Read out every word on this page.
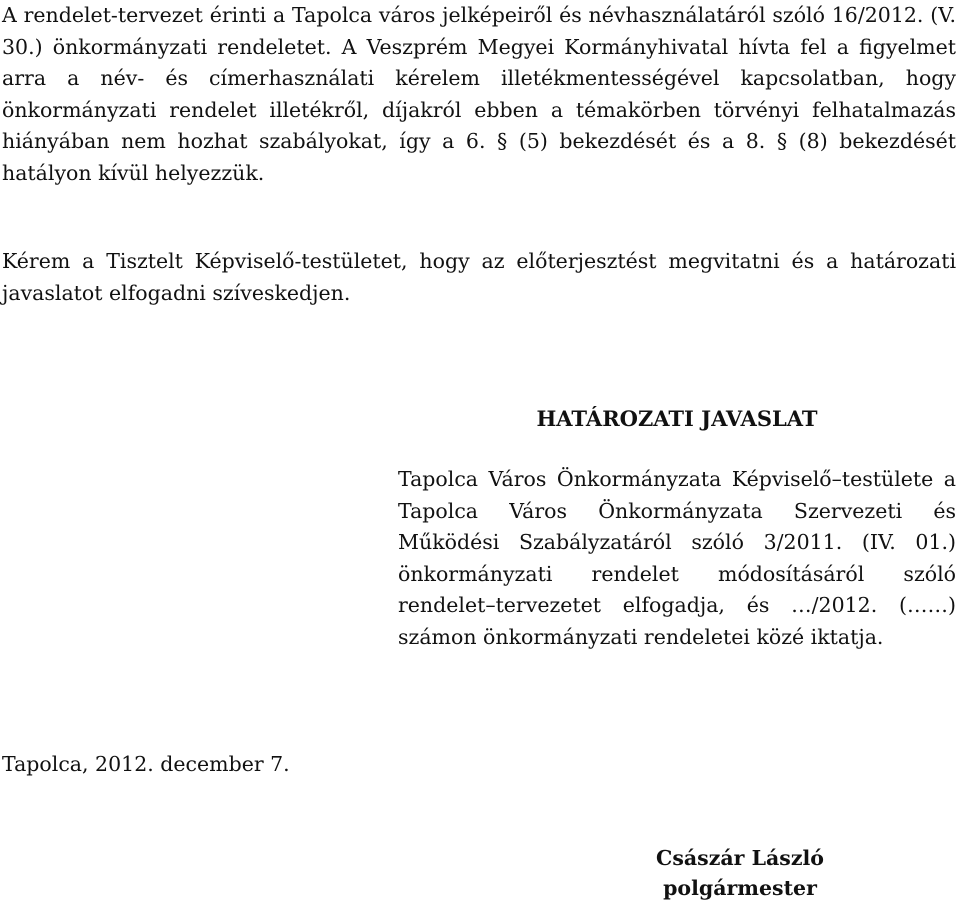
A rendelet-tervezet érinti a Tapolca város jelképeiről és névhasználatáról szóló 16/2012. (V. 30.) önkormányzati rendeletet. A Veszprém Megyei Kormányhivatal hívta fel a figyelmet arra a név- és címerhasználati kérelem illetékmentességével kapcsolatban, hogy önkormányzati rendelet illetékről, díjakról ebben a témakörben törvényi felhatalmazás hiányában nem hozhat szabályokat, így a 6. § (5) bekezdését és a 8. § (8) bekezdését hatályon kívül helyezzük.
Kérem a Tisztelt Képviselő-testületet, hogy az előterjesztést megvitatni és a határozati javaslatot elfogadni szíveskedjen.
HATÁROZATI JAVASLAT
Tapolca Város Önkormányzata Képviselő–testülete a Tapolca Város Önkormányzata Szervezeti és Működési Szabályzatáról szóló 3/2011. (IV. 01.) önkormányzati rendelet módosításáról szóló rendelet–tervezetet elfogadja, és …/2012. (……) számon önkormányzati rendeletei közé iktatja.
Tapolca, 2012. december 7.
Császár László
polgármester
